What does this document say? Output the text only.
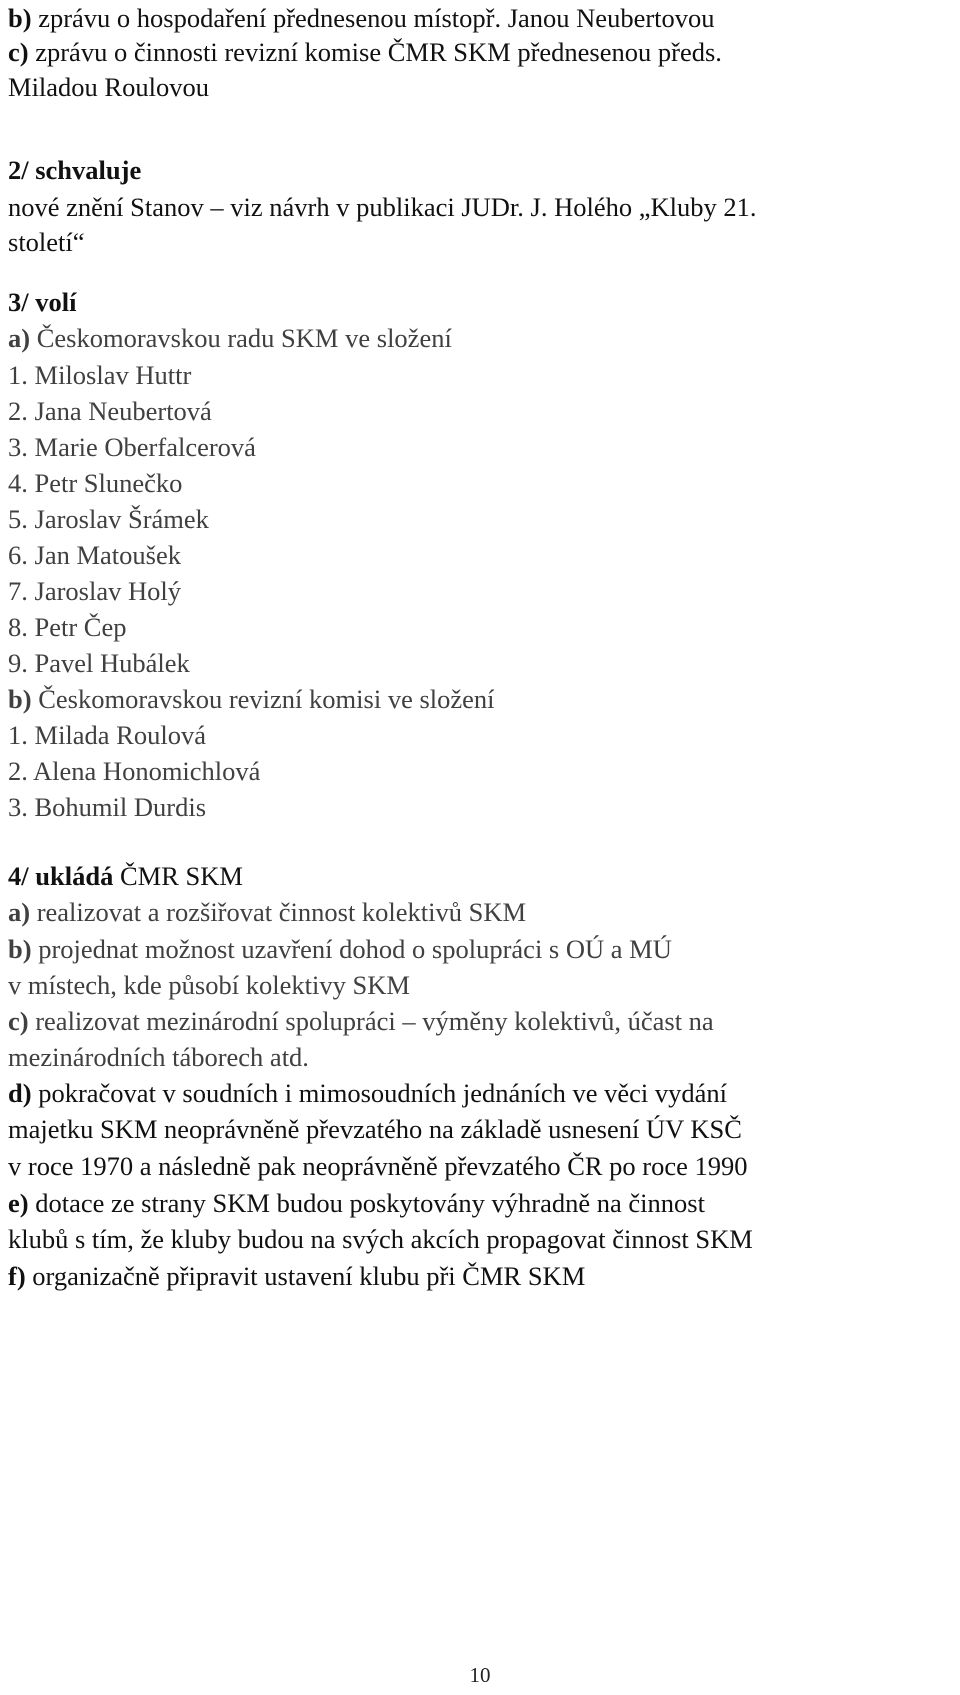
b) zprávu o hospodaření přednesenou místopř. Janou Neubertovou
c) zprávu o činnosti revizní komise ČMR SKM přednesenou předs.
Miladou Roulovou
2/ schvaluje
nové znění Stanov – viz návrh v publikaci JUDr. J. Holého „Kluby 21.
století“
3/ volí
a) Českomoravskou radu SKM ve složení
1. Miloslav Huttr
2. Jana Neubertová
3. Marie Oberfalcerová
4. Petr Slunečko
5. Jaroslav Šrámek
6. Jan Matoušek
7. Jaroslav Holý
8. Petr Čep
9. Pavel Hubálek
b) Českomoravskou revizní komisi ve složení
1. Milada Roulová
2. Alena Honomichlová
3. Bohumil Durdis
4/ ukládá ČMR SKM
a) realizovat a rozšiřovat činnost kolektivů SKM
b) projednat možnost uzavření dohod o spolupráci s OÚ a MÚ
v místech, kde působí kolektivy SKM
c) realizovat mezinárodní spolupráci – výměny kolektivů, účast na
mezinárodních táborech atd.
d) pokračovat v soudních i mimosoudních jednáních ve věci vydání
majetku SKM neoprávněně převzatého na základě usnesení ÚV KSČ
v roce 1970 a následně pak neoprávněně převzatého ČR po roce 1990
e) dotace ze strany SKM budou poskytovány výhradně na činnost
klubů s tím, že kluby budou na svých akcích propagovat činnost SKM
f) organizačně připravit ustavení klubu při ČMR SKM
10
